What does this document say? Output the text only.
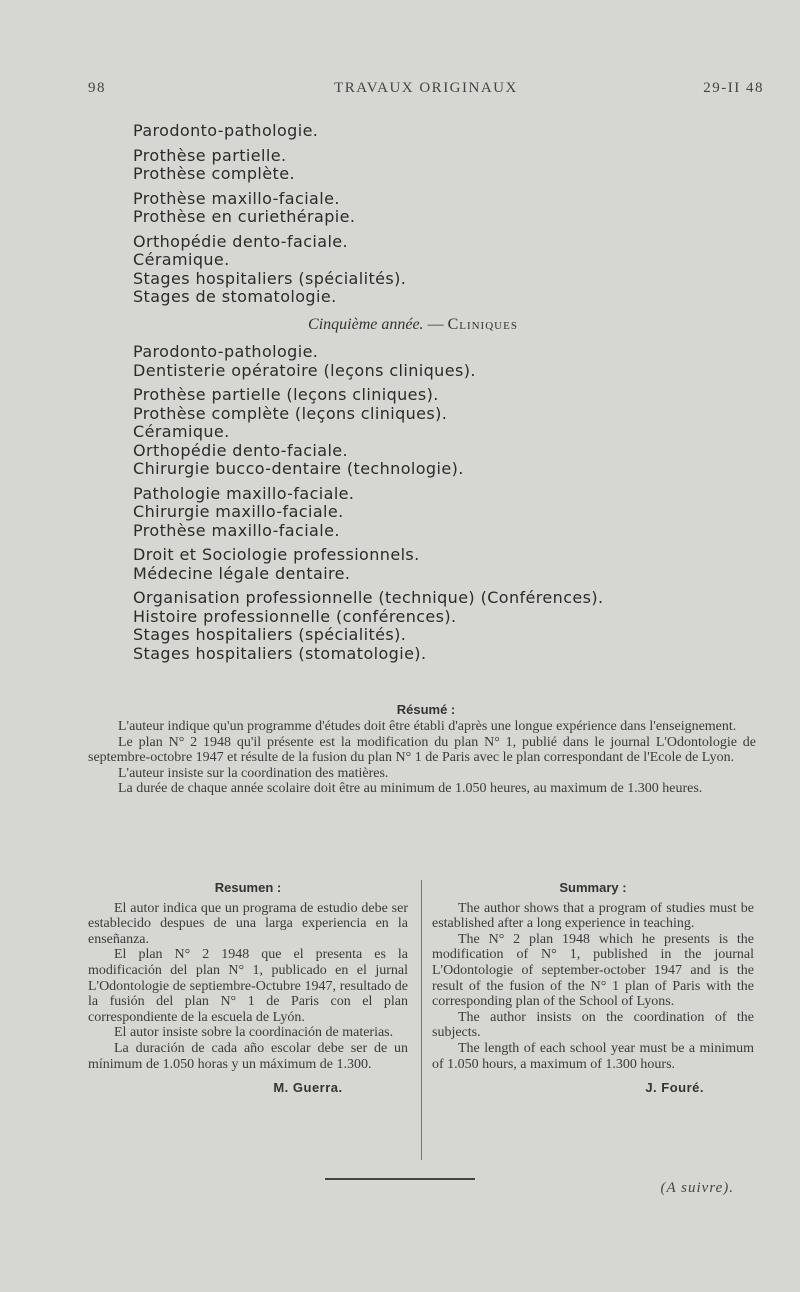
98	TRAVAUX ORIGINAUX	29-II 48
Parodonto-pathologie.
Prothèse partielle.
Prothèse complète.
Prothèse maxillo-faciale.
Prothèse en curiethérapie.
Orthopédie dento-faciale.
Céramique.
Stages hospitaliers (spécialités).
Stages de stomatologie.
Cinquième année. — Cliniques
Parodonto-pathologie.
Dentisterie opératoire (leçons cliniques).
Prothèse partielle (leçons cliniques).
Prothèse complète (leçons cliniques).
Céramique.
Orthopédie dento-faciale.
Chirurgie bucco-dentaire (technologie).
Pathologie maxillo-faciale.
Chirurgie maxillo-faciale.
Prothèse maxillo-faciale.
Droit et Sociologie professionnels.
Médecine légale dentaire.
Organisation professionnelle (technique) (Conférences).
Histoire professionnelle (conférences).
Stages hospitaliers (spécialités).
Stages hospitaliers (stomatologie).
Résumé :

L'auteur indique qu'un programme d'études doit être établi d'après une longue expérience dans l'enseignement.

Le plan N° 2 1948 qu'il présente est la modification du plan N° 1, publié dans le journal L'Odontologie de septembre-octobre 1947 et résulte de la fusion du plan N° 1 de Paris avec le plan correspondant de l'Ecole de Lyon.

L'auteur insiste sur la coordination des matières.

La durée de chaque année scolaire doit être au minimum de 1.050 heures, au maximum de 1.300 heures.

Resumen :

El autor indica que un programa de estudio debe ser establecido despues de una larga experiencia en la enseñanza.

El plan N° 2 1948 que el presenta es la modificación del plan N° 1, publicado en el jurnal L'Odontologie de septiembre-Octubre 1947, resultado de la fusión del plan N° 1 de Paris con el plan correspondiente de la escuela de Lyón.

El autor insiste sobre la coordinación de materias.

La duración de cada año escolar debe ser de un mínimum de 1.050 horas y un máximum de 1.300.

M. Guerra.
Summary :

The author shows that a program of studies must be established after a long experience in teaching.

The N° 2 plan 1948 which he presents is the modification of N° 1, published in the journal L'Odontologie of september-october 1947 and is the result of the fusion of the N° 1 plan of Paris with the corresponding plan of the School of Lyons.

The author insists on the coordination of the subjects.

The length of each school year must be a minimum of 1.050 hours, a maximum of 1.300 hours.

J. Fouré.
(A suivre).
